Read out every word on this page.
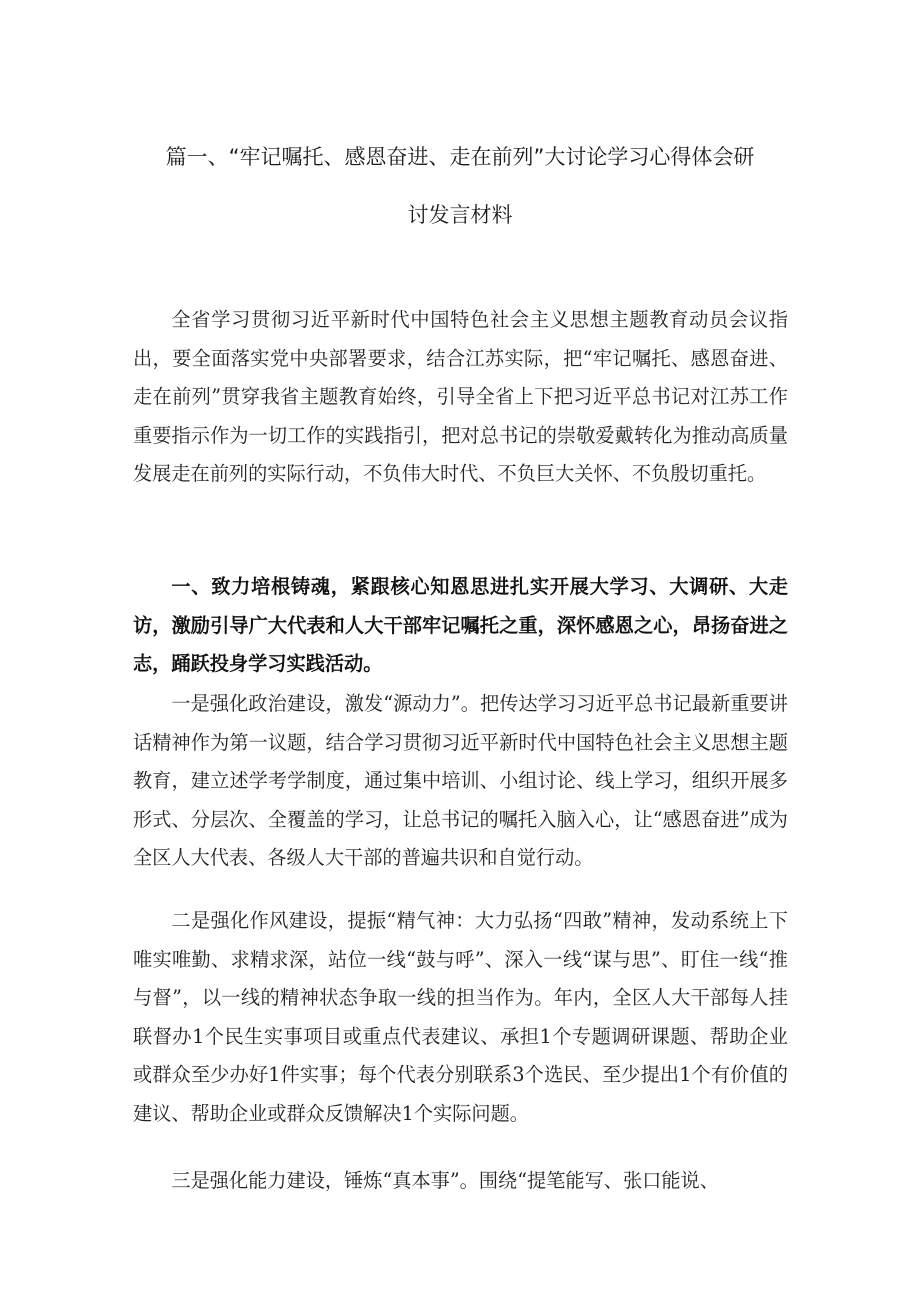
篇一、“牢记嘱托、感恩奋进、走在前列”大讨论学习心得体会研
讨发言材料

全省学习贯彻习近平新时代中国特色社会主义思想主题教育动员会议指出，要全面落实党中央部署要求，结合江苏实际，把“牢记嘱托、感恩奋进、走在前列”贯穿我省主题教育始终，引导全省上下把习近平总书记对江苏工作重要指示作为一切工作的实践指引，把对总书记的崇敬爱戴转化为推动高质量发展走在前列的实际行动，不负伟大时代、不负巨大关怀、不负殷切重托。

一、致力培根铸魂，紧跟核心知恩思进扎实开展大学习、大调研、大走访，激励引导广大代表和人大干部牢记嘱托之重，深怀感恩之心，昂扬奋进之志，踊跃投身学习实践活动。

一是强化政治建设，激发“源动力”。把传达学习习近平总书记最新重要讲话精神作为第一议题，结合学习贯彻习近平新时代中国特色社会主义思想主题教育，建立述学考学制度，通过集中培训、小组讨论、线上学习，组织开展多形式、分层次、全覆盖的学习，让总书记的嘱托入脑入心，让“感恩奋进”成为全区人大代表、各级人大干部的普遍共识和自觉行动。

二是强化作风建设，提振“精气神：大力弘扬“四敢”精神，发动系统上下唯实唯勤、求精求深，站位一线“鼓与呼”、深入一线“谋与思”、盯住一线“推与督”，以一线的精神状态争取一线的担当作为。年内，全区人大干部每人挂联督办1个民生实事项目或重点代表建议、承担1个专题调研课题、帮助企业或群众至少办好1件实事；每个代表分别联系3个选民、至少提出1个有价值的建议、帮助企业或群众反馈解决1个实际问题。

三是强化能力建设，锤炼“真本事”。围绕“提笔能写、张口能说、
